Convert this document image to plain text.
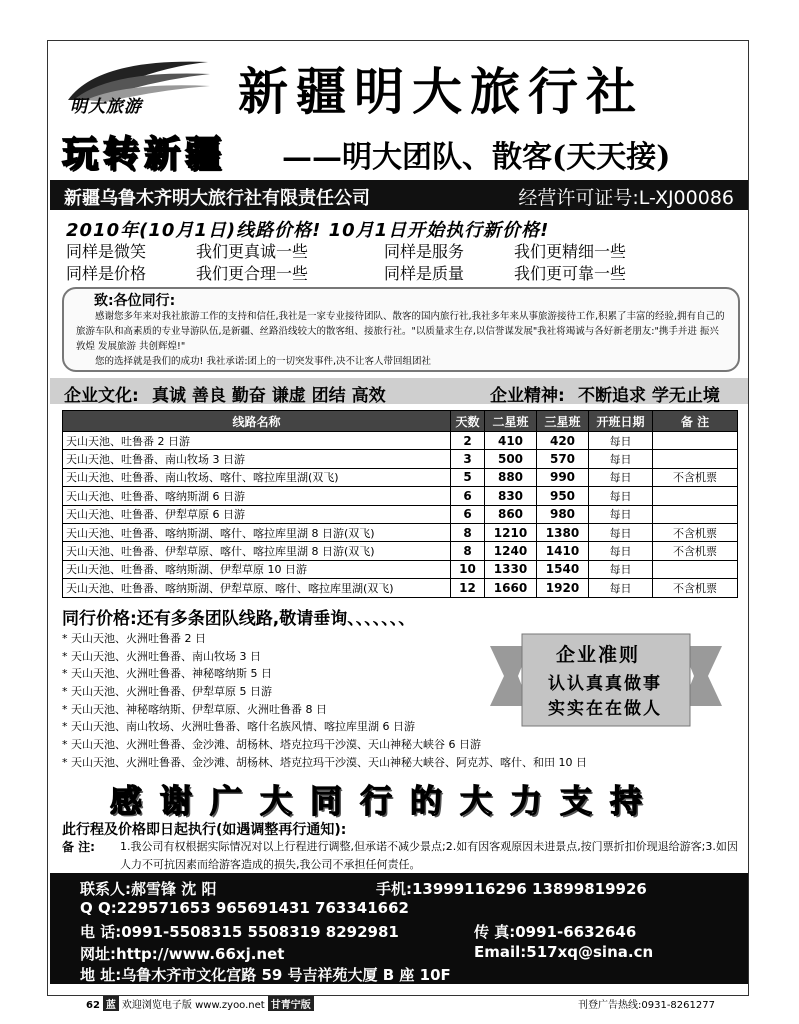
明大旅游 新疆明大旅行社
玩转新疆 ——明大团队、散客(天天接)
新疆乌鲁木齐明大旅行社有限责任公司	经营许可证号:L-XJ00086
2010年(10月1日)线路价格! 10月1日开始执行新价格!
同样是微笑	我们更真诚一些	同样是服务	我们更精细一些
同样是价格	我们更合理一些	同样是质量	我们更可靠一些
致:各位同行:
感谢您多年来对我社旅游工作的支持和信任,我社是一家专业接待团队、散客的国内旅行社,我社多年来从事旅游接待工作,积累了丰富的经验,拥有自己的旅游车队和高素质的专业导游队伍,是新疆、丝路沿线较大的散客组、接旅行社。"以质量求生存,以信誉谋发展"我社将竭诚与各好新老朋友:"携手并进 振兴敦煌 发展旅游 共创辉煌!"
您的选择就是我们的成功! 我社承诺:团上的一切突发事件,决不让客人带回组团社
企业文化: 真诚 善良 勤奋 谦虚 团结 高效	企业精神: 不断追求 学无止境
线路名称	天数	二星班	三星班	开班日期	备 注
天山天池、吐鲁番 2 日游	2	410	420	每日	
天山天池、吐鲁番、南山牧场 3 日游	3	500	570	每日	
天山天池、吐鲁番、南山牧场、喀什、喀拉库里湖(双飞)	5	880	990	每日	不含机票
天山天池、吐鲁番、喀纳斯湖 6 日游	6	830	950	每日	
天山天池、吐鲁番、伊犁草原 6 日游	6	860	980	每日	
天山天池、吐鲁番、喀纳斯湖、喀什、喀拉库里湖 8 日游(双飞)	8	1210	1380	每日	不含机票
天山天池、吐鲁番、伊犁草原、喀什、喀拉库里湖 8 日游(双飞)	8	1240	1410	每日	不含机票
天山天池、吐鲁番、喀纳斯湖、伊犁草原 10 日游	10	1330	1540	每日	
天山天池、吐鲁番、喀纳斯湖、伊犁草原、喀什、喀拉库里湖(双飞)	12	1660	1920	每日	不含机票
同行价格:还有多条团队线路,敬请垂询、、、、、、、
* 天山天池、火洲吐鲁番 2 日
* 天山天池、火洲吐鲁番、南山牧场 3 日
* 天山天池、火洲吐鲁番、神秘喀纳斯 5 日
* 天山天池、火洲吐鲁番、伊犁草原 5 日游
* 天山天池、神秘喀纳斯、伊犁草原、火洲吐鲁番 8 日
* 天山天池、南山牧场、火洲吐鲁番、喀什名族风情、喀拉库里湖 6 日游
* 天山天池、火洲吐鲁番、金沙滩、胡杨林、塔克拉玛干沙漠、天山神秘大峡谷 6 日游
* 天山天池、火洲吐鲁番、金沙滩、胡杨林、塔克拉玛干沙漠、天山神秘大峡谷、阿克苏、喀什、和田 10 日
企业准则
认认真真做事
实实在在做人
感谢广大同行的大力支持
此行程及价格即日起执行(如遇调整再行通知):
备 注: 1.我公司有权根据实际情况对以上行程进行调整,但承诺不减少景点;2.如有因客观原因未进景点,按门票折扣价现退给游客;3.如因人力不可抗因素而给游客造成的损失,我公司不承担任何责任。
联系人:郝雪锋 沈 阳	手机:13999116296 13899819926
Q Q:229571653 965691431 763341662
电 话:0991-5508315 5508319 8292981	传 真:0991-6632646
网址:http://www.66xj.net	Email:517xq@sina.cn
地 址:乌鲁木齐市文化宫路 59 号吉祥苑大厦 B 座 10F
62 蓝 欢迎浏览电子版 www.zyoo.net 甘青宁版	刊登广告热线:0931-8261277
